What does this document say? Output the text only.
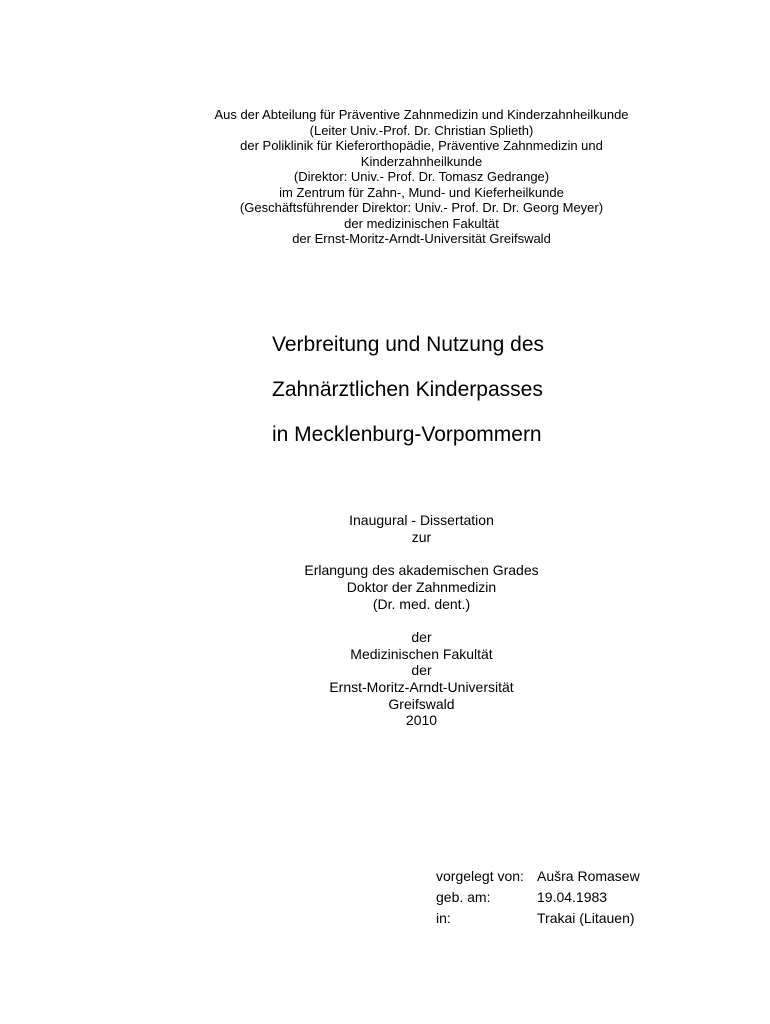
Aus der Abteilung für Präventive Zahnmedizin und Kinderzahnheilkunde
(Leiter Univ.-Prof. Dr. Christian Splieth)
der Poliklinik für Kieferorthopädie, Präventive Zahnmedizin und
Kinderzahnheilkunde
(Direktor: Univ.- Prof. Dr. Tomasz Gedrange)
im Zentrum für Zahn-, Mund- und Kieferheilkunde
(Geschäftsführender Direktor: Univ.- Prof. Dr. Dr. Georg Meyer)
der medizinischen Fakultät
der Ernst-Moritz-Arndt-Universität Greifswald
Verbreitung und Nutzung des
Zahnärztlichen Kinderpasses
in Mecklenburg-Vorpommern
Inaugural - Dissertation
zur
Erlangung des akademischen Grades
Doktor der Zahnmedizin
(Dr. med. dent.)
der
Medizinischen Fakultät
der
Ernst-Moritz-Arndt-Universität
Greifswald
2010
vorgelegt von: Aušra Romasew
geb. am:	19.04.1983
in:	Trakai (Litauen)
